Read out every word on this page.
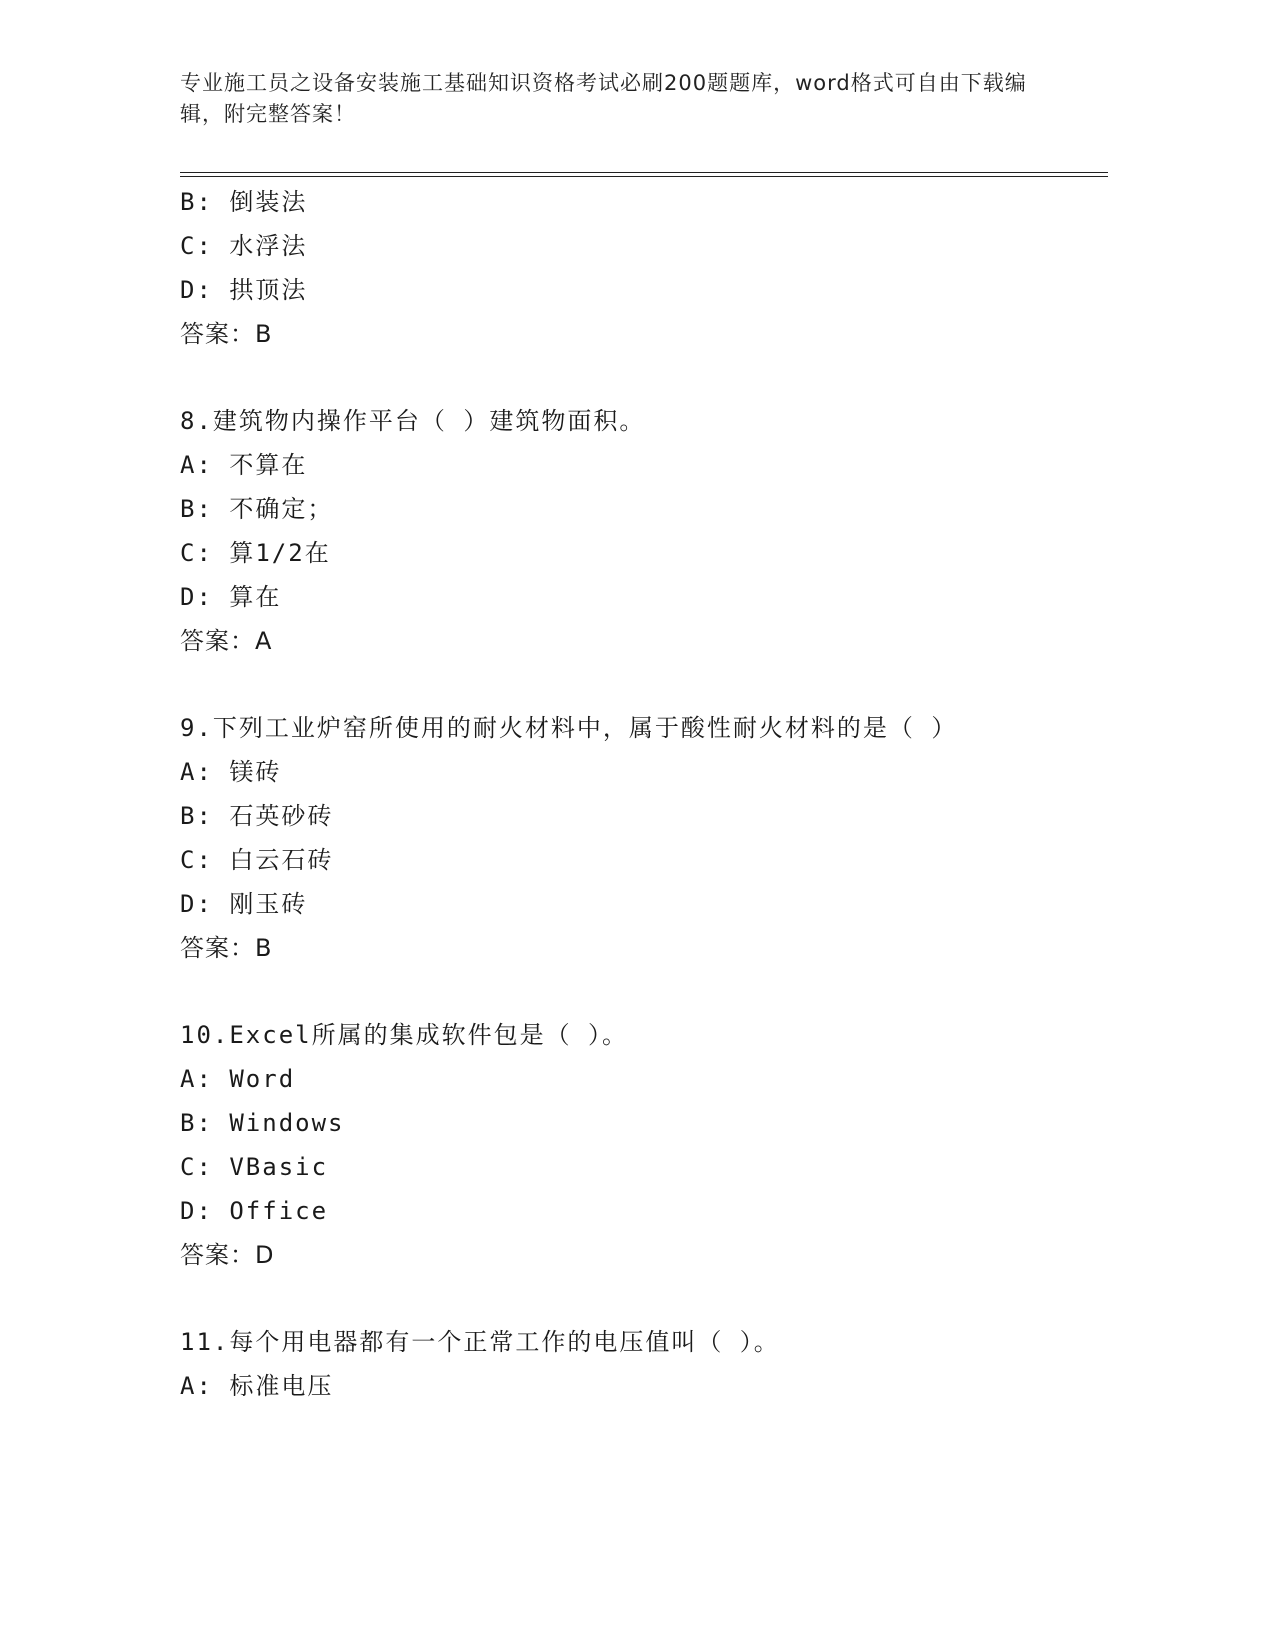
专业施工员之设备安装施工基础知识资格考试必刷200题题库，word格式可自由下载编辑，附完整答案！
B: 倒装法
C: 水浮法
D: 拱顶法
答案：B
8.建筑物内操作平台（ ）建筑物面积。
A: 不算在
B: 不确定；
C: 算1/2在
D: 算在
答案：A
9.下列工业炉窑所使用的耐火材料中，属于酸性耐火材料的是（ ）
A: 镁砖
B: 石英砂砖
C: 白云石砖
D: 刚玉砖
答案：B
10.Excel所属的集成软件包是（ ）。
A: Word
B: Windows
C: VBasic
D: Office
答案：D
11.每个用电器都有一个正常工作的电压值叫（ ）。
A: 标准电压
